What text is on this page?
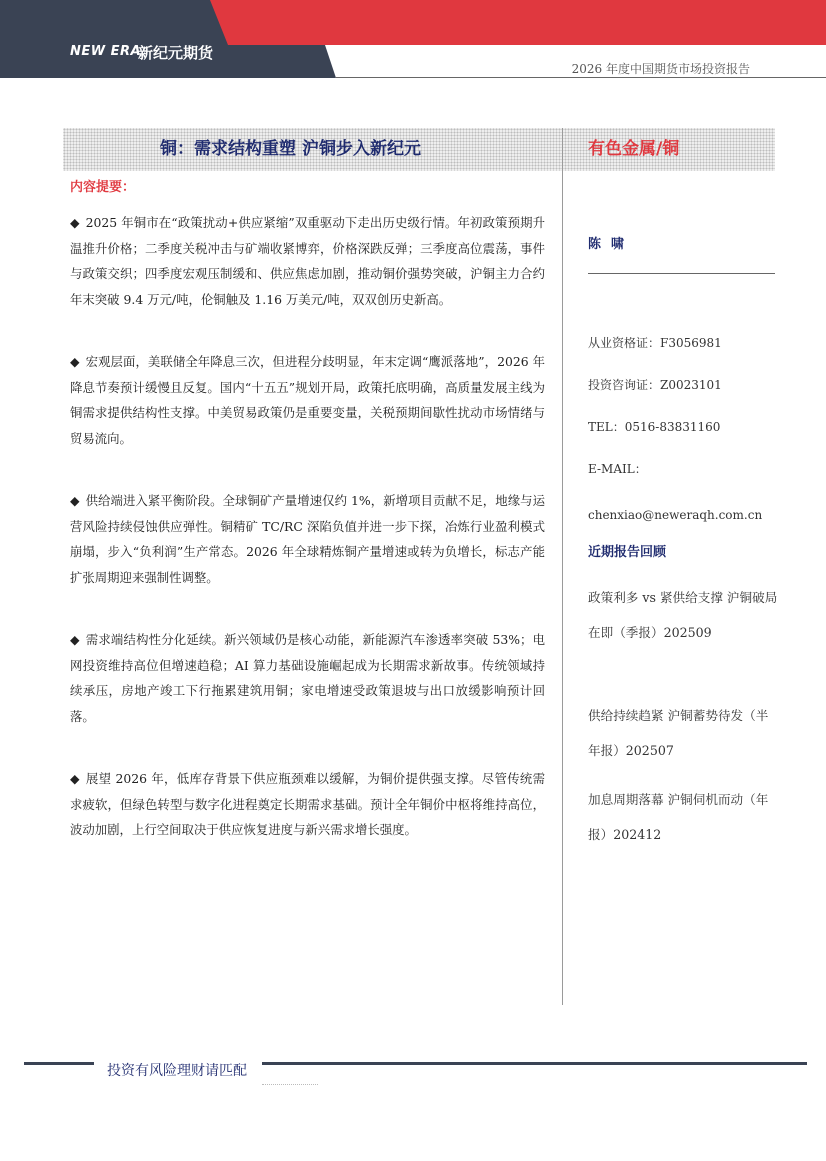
NEW ERA
新纪元期货
2026 年度中国期货市场投资报告
铜：需求结构重塑 沪铜步入新纪元	有色金属/铜
内容提要：

◆ 2025 年铜市在“政策扰动+供应紧缩”双重驱动下走出历史级行情。年初政策预期升温推升价格；二季度关税冲击与矿端收紧博弈，价格深跌反弹；三季度高位震荡，事件与政策交织；四季度宏观压制缓和、供应焦虑加剧，推动铜价强势突破，沪铜主力合约年末突破 9.4 万元/吨，伦铜触及 1.16 万美元/吨，双双创历史新高。

◆ 宏观层面，美联储全年降息三次，但进程分歧明显，年末定调“鹰派落地”，2026 年降息节奏预计缓慢且反复。国内“十五五”规划开局，政策托底明确，高质量发展主线为铜需求提供结构性支撑。中美贸易政策仍是重要变量，关税预期间歇性扰动市场情绪与贸易流向。

◆ 供给端进入紧平衡阶段。全球铜矿产量增速仅约 1%，新增项目贡献不足，地缘与运营风险持续侵蚀供应弹性。铜精矿 TC/RC 深陷负值并进一步下探，冶炼行业盈利模式崩塌，步入“负利润”生产常态。2026 年全球精炼铜产量增速或转为负增长，标志产能扩张周期迎来强制性调整。

◆ 需求端结构性分化延续。新兴领域仍是核心动能，新能源汽车渗透率突破 53%；电网投资维持高位但增速趋稳；AI 算力基础设施崛起成为长期需求新故事。传统领域持续承压，房地产竣工下行拖累建筑用铜；家电增速受政策退坡与出口放缓影响预计回落。

◆ 展望 2026 年，低库存背景下供应瓶颈难以缓解，为铜价提供强支撑。尽管传统需求疲软，但绿色转型与数字化进程奠定长期需求基础。预计全年铜价中枢将维持高位，波动加剧，上行空间取决于供应恢复进度与新兴需求增长强度。

陈啸
从业资格证：F3056981
投资咨询证：Z0023101
TEL：0516-83831160
E-MAIL：
chenxiao@neweraqh.com.cn
近期报告回顾
政策利多 vs 紧供给支撑 沪铜破局在即（季报）202509
供给持续趋紧 沪铜蓄势待发（半年报）202507
加息周期落幕 沪铜伺机而动（年报）202412
投资有风险理财请匹配
